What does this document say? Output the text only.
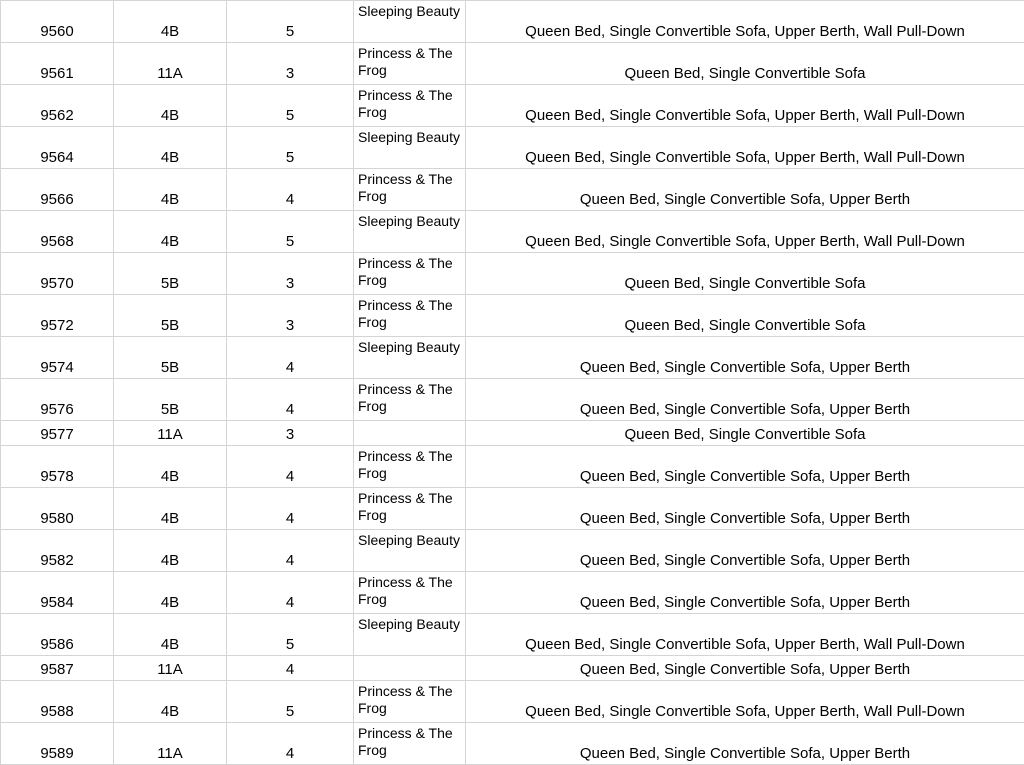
9560	4B	5	Sleeping Beauty	Queen Bed, Single Convertible Sofa, Upper Berth, Wall Pull-Down
9561	11A	3	Princess & The Frog	Queen Bed, Single Convertible Sofa
9562	4B	5	Princess & The Frog	Queen Bed, Single Convertible Sofa, Upper Berth, Wall Pull-Down
9564	4B	5	Sleeping Beauty	Queen Bed, Single Convertible Sofa, Upper Berth, Wall Pull-Down
9566	4B	4	Princess & The Frog	Queen Bed, Single Convertible Sofa, Upper Berth
9568	4B	5	Sleeping Beauty	Queen Bed, Single Convertible Sofa, Upper Berth, Wall Pull-Down
9570	5B	3	Princess & The Frog	Queen Bed, Single Convertible Sofa
9572	5B	3	Princess & The Frog	Queen Bed, Single Convertible Sofa
9574	5B	4	Sleeping Beauty	Queen Bed, Single Convertible Sofa, Upper Berth
9576	5B	4	Princess & The Frog	Queen Bed, Single Convertible Sofa, Upper Berth
9577	11A	3		Queen Bed, Single Convertible Sofa
9578	4B	4	Princess & The Frog	Queen Bed, Single Convertible Sofa, Upper Berth
9580	4B	4	Princess & The Frog	Queen Bed, Single Convertible Sofa, Upper Berth
9582	4B	4	Sleeping Beauty	Queen Bed, Single Convertible Sofa, Upper Berth
9584	4B	4	Princess & The Frog	Queen Bed, Single Convertible Sofa, Upper Berth
9586	4B	5	Sleeping Beauty	Queen Bed, Single Convertible Sofa, Upper Berth, Wall Pull-Down
9587	11A	4		Queen Bed, Single Convertible Sofa, Upper Berth
9588	4B	5	Princess & The Frog	Queen Bed, Single Convertible Sofa, Upper Berth, Wall Pull-Down
9589	11A	4	Princess & The Frog	Queen Bed, Single Convertible Sofa, Upper Berth
